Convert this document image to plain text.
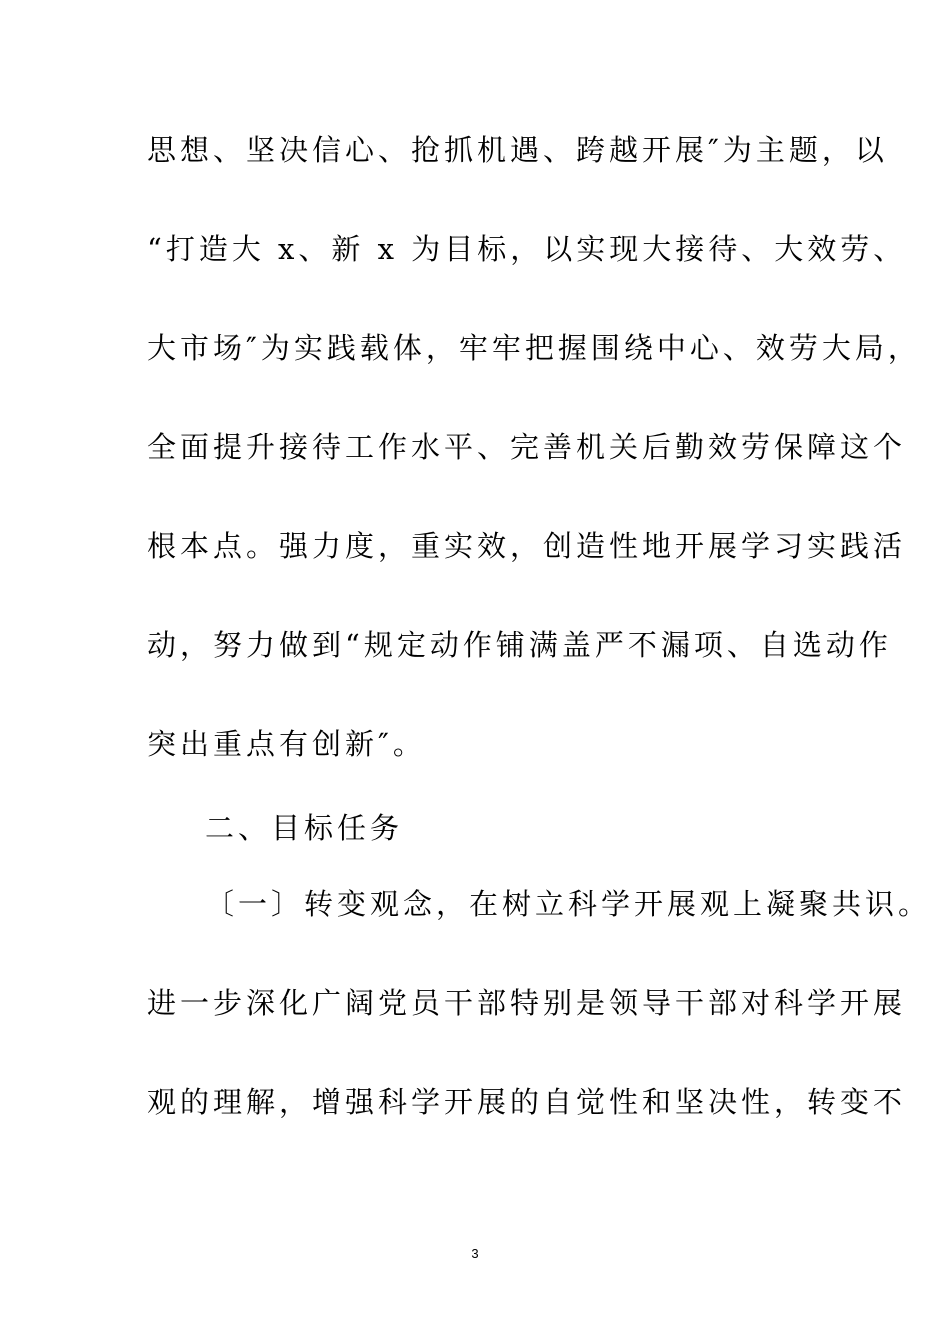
思想、坚决信心、抢抓机遇、跨越开展″为主题，以
“打造大 x、新 x 为目标，以实现大接待、大效劳、
大市场″为实践载体，牢牢把握围绕中心、效劳大局，
全面提升接待工作水平、完善机关后勤效劳保障这个
根本点。强力度，重实效，创造性地开展学习实践活
动，努力做到“规定动作铺满盖严不漏项、自选动作
突出重点有创新″。
二、目标任务
〔一〕转变观念，在树立科学开展观上凝聚共识。
进一步深化广阔党员干部特别是领导干部对科学开展
观的理解，增强科学开展的自觉性和坚决性，转变不
3
